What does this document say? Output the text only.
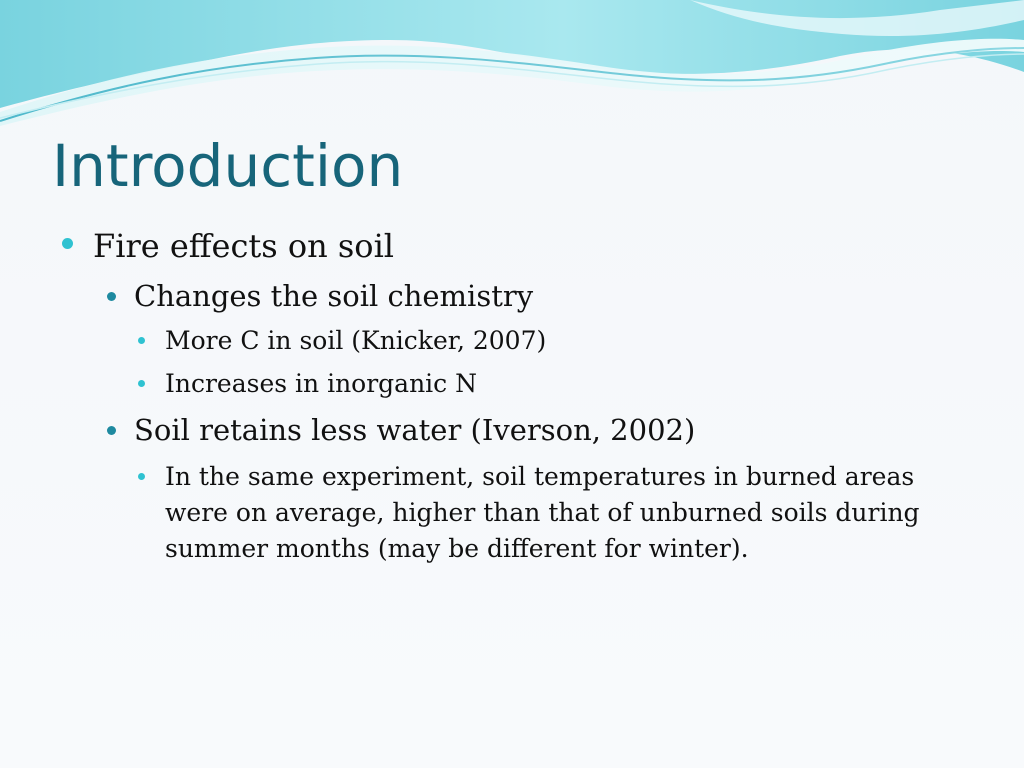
Introduction
Fire effects on soil
Changes the soil chemistry
More C in soil (Knicker, 2007)
Increases in inorganic N
Soil retains less water (Iverson, 2002)
In the same experiment, soil temperatures in burned areas
were on average, higher than that of unburned soils during
summer months (may be different for winter).
